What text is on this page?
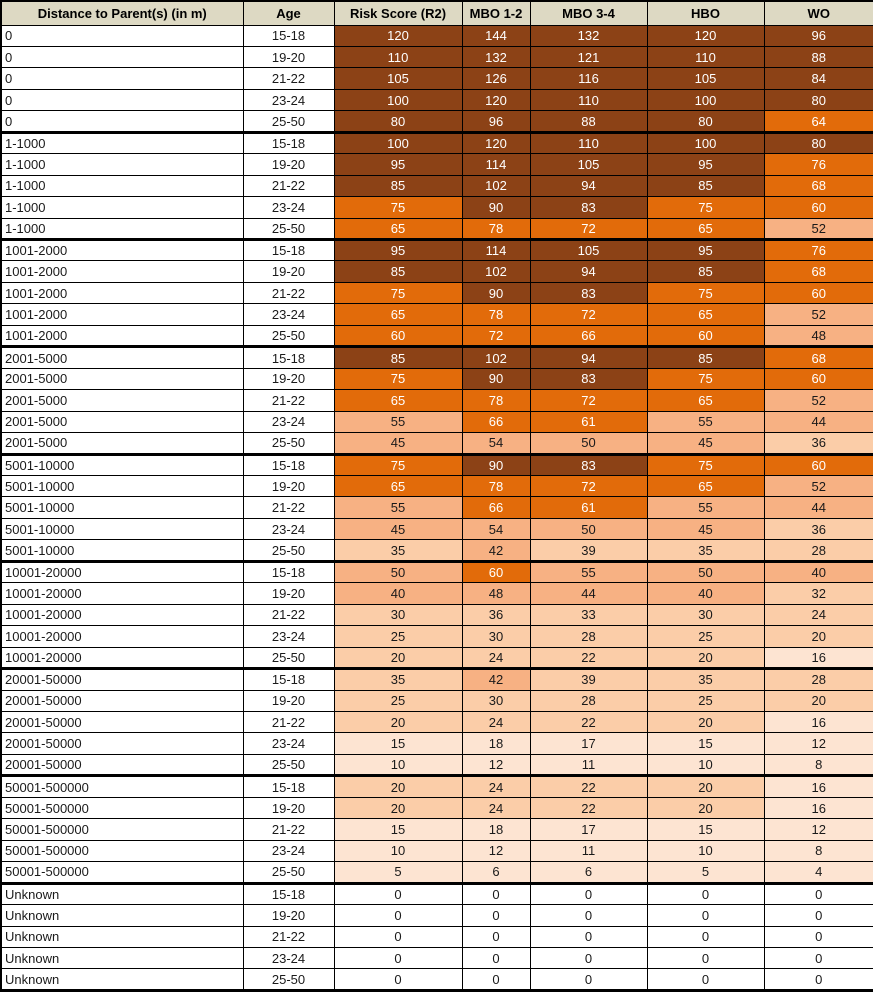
Distance to Parent(s) (in m)	Age	Risk Score (R2)	MBO 1-2	MBO 3-4	HBO	WO
0	15-18	120	144	132	120	96
0	19-20	110	132	121	110	88
0	21-22	105	126	116	105	84
0	23-24	100	120	110	100	80
0	25-50	80	96	88	80	64
1-1000	15-18	100	120	110	100	80
1-1000	19-20	95	114	105	95	76
1-1000	21-22	85	102	94	85	68
1-1000	23-24	75	90	83	75	60
1-1000	25-50	65	78	72	65	52
1001-2000	15-18	95	114	105	95	76
1001-2000	19-20	85	102	94	85	68
1001-2000	21-22	75	90	83	75	60
1001-2000	23-24	65	78	72	65	52
1001-2000	25-50	60	72	66	60	48
2001-5000	15-18	85	102	94	85	68
2001-5000	19-20	75	90	83	75	60
2001-5000	21-22	65	78	72	65	52
2001-5000	23-24	55	66	61	55	44
2001-5000	25-50	45	54	50	45	36
5001-10000	15-18	75	90	83	75	60
5001-10000	19-20	65	78	72	65	52
5001-10000	21-22	55	66	61	55	44
5001-10000	23-24	45	54	50	45	36
5001-10000	25-50	35	42	39	35	28
10001-20000	15-18	50	60	55	50	40
10001-20000	19-20	40	48	44	40	32
10001-20000	21-22	30	36	33	30	24
10001-20000	23-24	25	30	28	25	20
10001-20000	25-50	20	24	22	20	16
20001-50000	15-18	35	42	39	35	28
20001-50000	19-20	25	30	28	25	20
20001-50000	21-22	20	24	22	20	16
20001-50000	23-24	15	18	17	15	12
20001-50000	25-50	10	12	11	10	8
50001-500000	15-18	20	24	22	20	16
50001-500000	19-20	20	24	22	20	16
50001-500000	21-22	15	18	17	15	12
50001-500000	23-24	10	12	11	10	8
50001-500000	25-50	5	6	6	5	4
Unknown	15-18	0	0	0	0	0
Unknown	19-20	0	0	0	0	0
Unknown	21-22	0	0	0	0	0
Unknown	23-24	0	0	0	0	0
Unknown	25-50	0	0	0	0	0
